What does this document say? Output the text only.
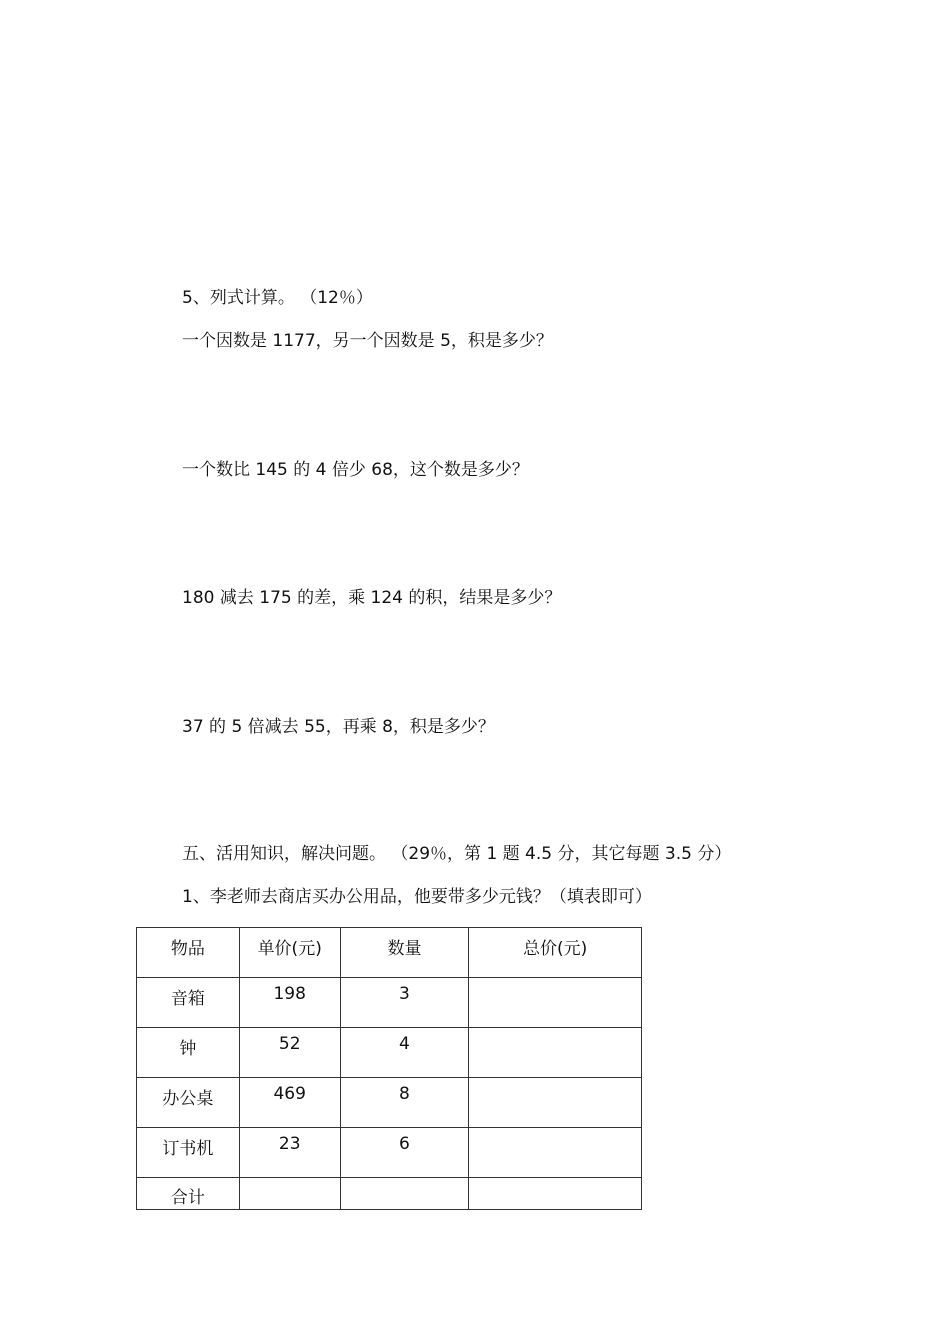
5、列式计算。 （12％）
一个因数是 1177，另一个因数是 5，积是多少？
一个数比 145 的 4 倍少 68，这个数是多少？
180 减去 175 的差，乘 124 的积，结果是多少？
37 的 5 倍减去 55，再乘 8，积是多少？
五、活用知识，解决问题。 （29％，第 1 题 4.5 分，其它每题 3.5 分）
1、李老师去商店买办公用品，他要带多少元钱？（填表即可）
物品	单价(元)	数量	总价(元)
音箱	198	3	
钟	52	4	
办公桌	469	8	
订书机	23	6	
合计			
